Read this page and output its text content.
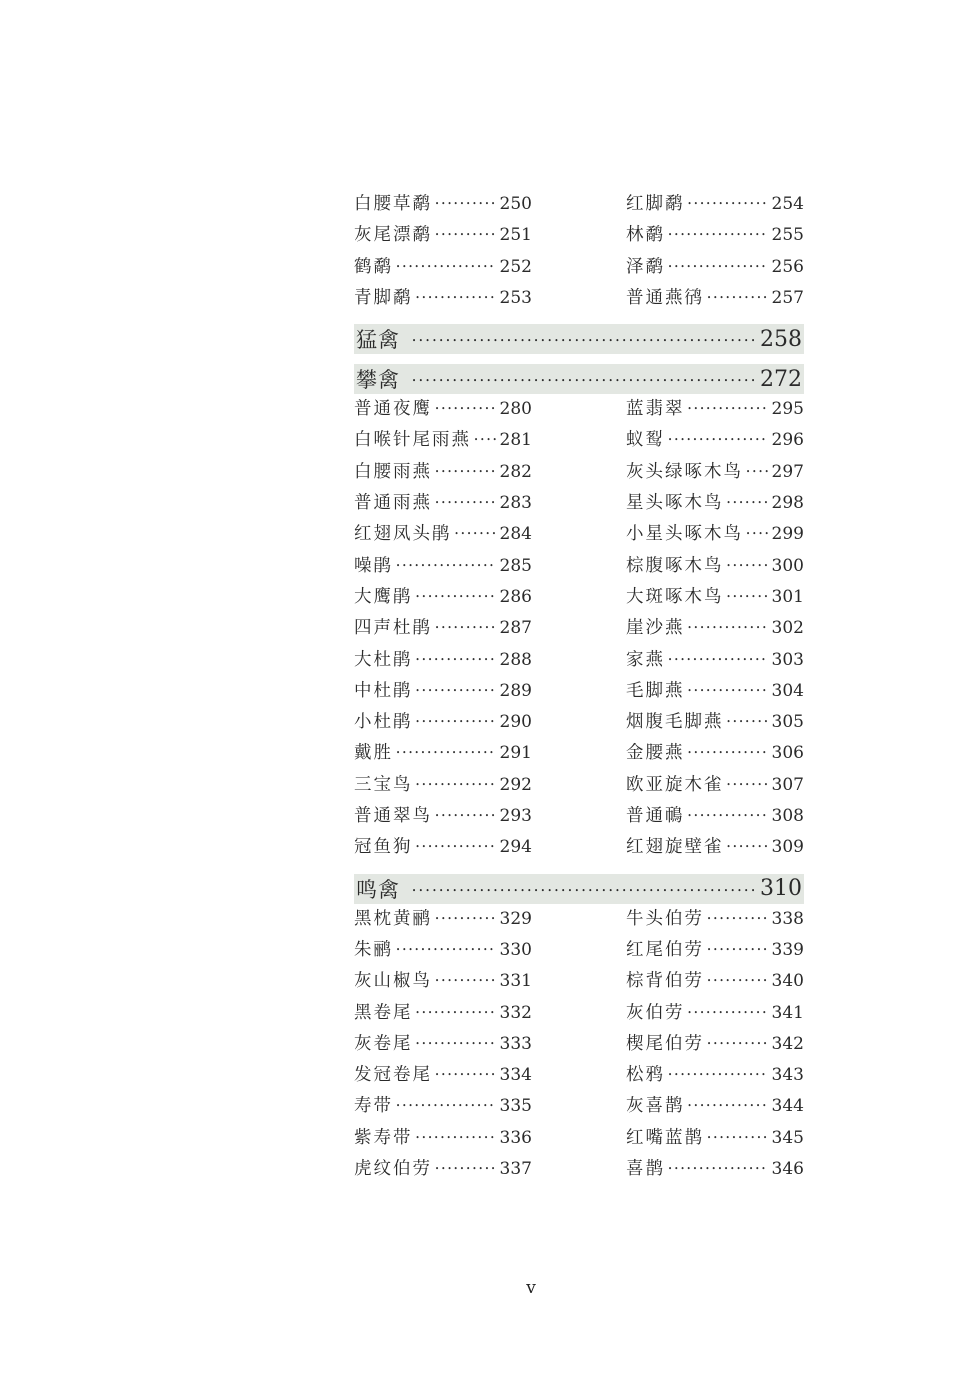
白腰草鹬 •••••	250
灰尾漂鹬 •••••	251
鹤鹬 •••••	252
青脚鹬 •••••	253
红脚鹬 •••••	254
林鹬 •••••	255
泽鹬 •••••	256
普通燕鸻 •••••	257
猛禽 •••••	258
攀禽 •••••	272
普通夜鹰 •••••	280
白喉针尾雨燕 ••••• 281
白腰雨燕 •••••	282
普通雨燕 •••••	283
红翅凤头鹃 •••••	284
噪鹃 •••••	285
大鹰鹃 •••••	286
四声杜鹃 •••••	287
大杜鹃 •••••	288
中杜鹃 •••••	289
小杜鹃 •••••	290
戴胜 •••••	291
三宝鸟 •••••	292
普通翠鸟 •••••	293
冠鱼狗 •••••	294
蓝翡翠 •••••	295
蚁䴕 •••••	296
灰头绿啄木鸟 ••••• 297
星头啄木鸟 •••••	298
小星头啄木鸟 ••••• 299
棕腹啄木鸟 •••••	300
大斑啄木鸟 •••••	301
崖沙燕 •••••	302
家燕 •••••	303
毛脚燕 •••••	304
烟腹毛脚燕 •••••	305
金腰燕 •••••	306
欧亚旋木雀 •••••	307
普通鳾 •••••	308
红翅旋壁雀 •••••	309
鸣禽 •••••	310
黑枕黄鹂 •••••	329
朱鹂 •••••	330
灰山椒鸟 •••••	331
黑卷尾 •••••	332
灰卷尾 •••••	333
发冠卷尾 •••••	334
寿带 •••••	335
紫寿带 •••••	336
虎纹伯劳 •••••	337
牛头伯劳 •••••	338
红尾伯劳 •••••	339
棕背伯劳 •••••	340
灰伯劳 •••••	341
楔尾伯劳 •••••	342
松鸦 •••••	343
灰喜鹊 •••••	344
红嘴蓝鹊 •••••	345
喜鹊 •••••	346
v
